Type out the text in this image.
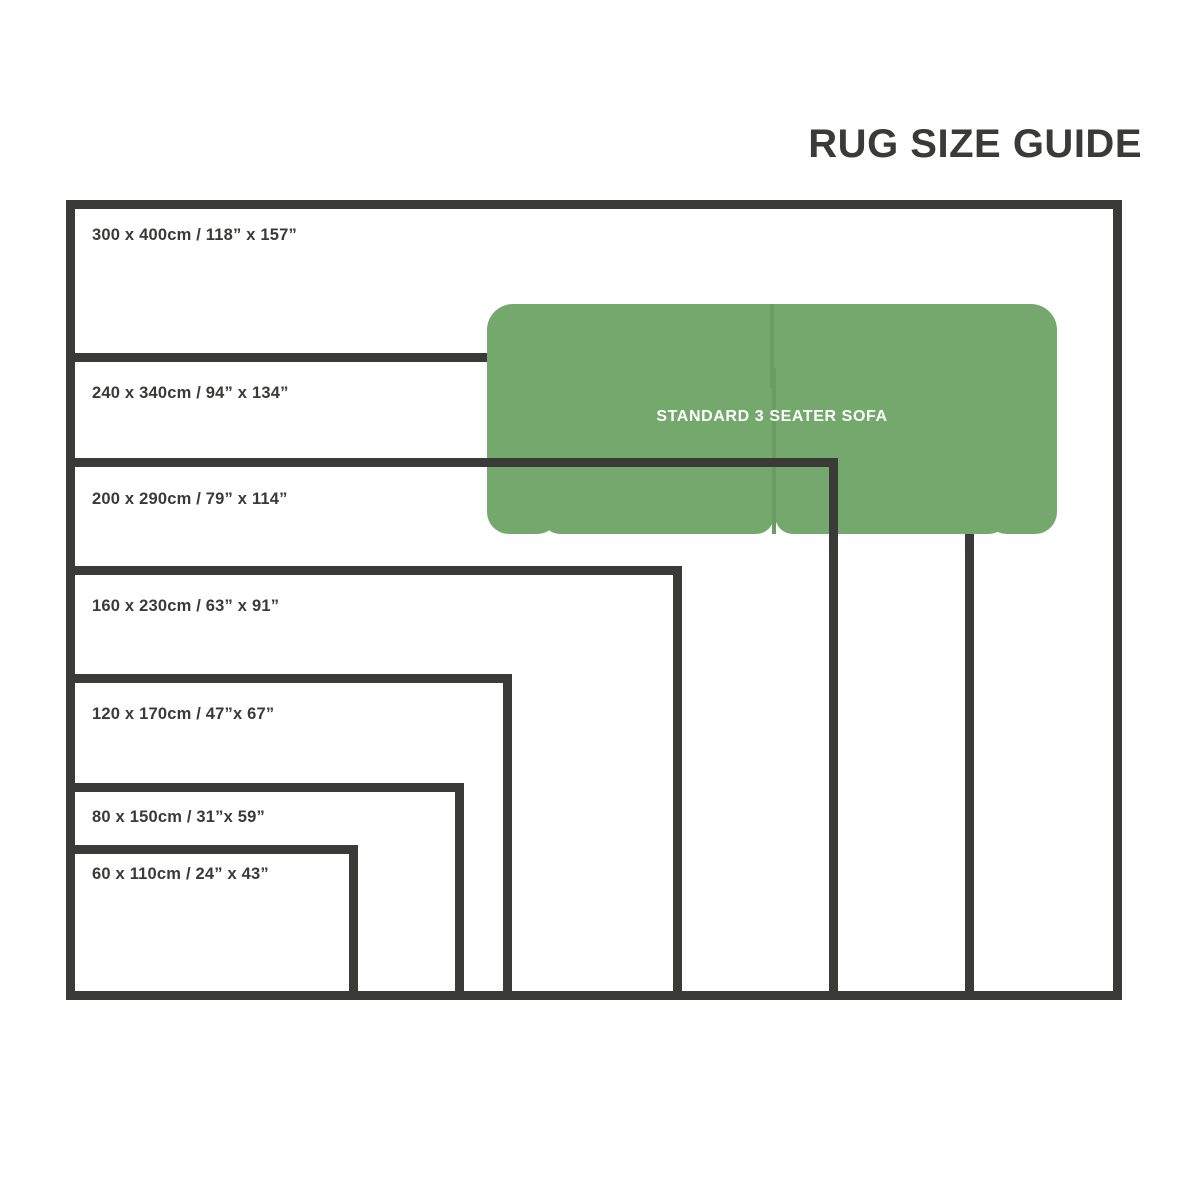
RUG SIZE GUIDE
300 x 400cm / 118” x 157”
240 x 340cm / 94” x 134”
STANDARD 3 SEATER SOFA
200 x 290cm / 79” x 114”
160 x 230cm / 63” x 91”
120 x 170cm / 47”x 67”
80 x 150cm / 31”x 59”
60 x 110cm / 24” x 43”
